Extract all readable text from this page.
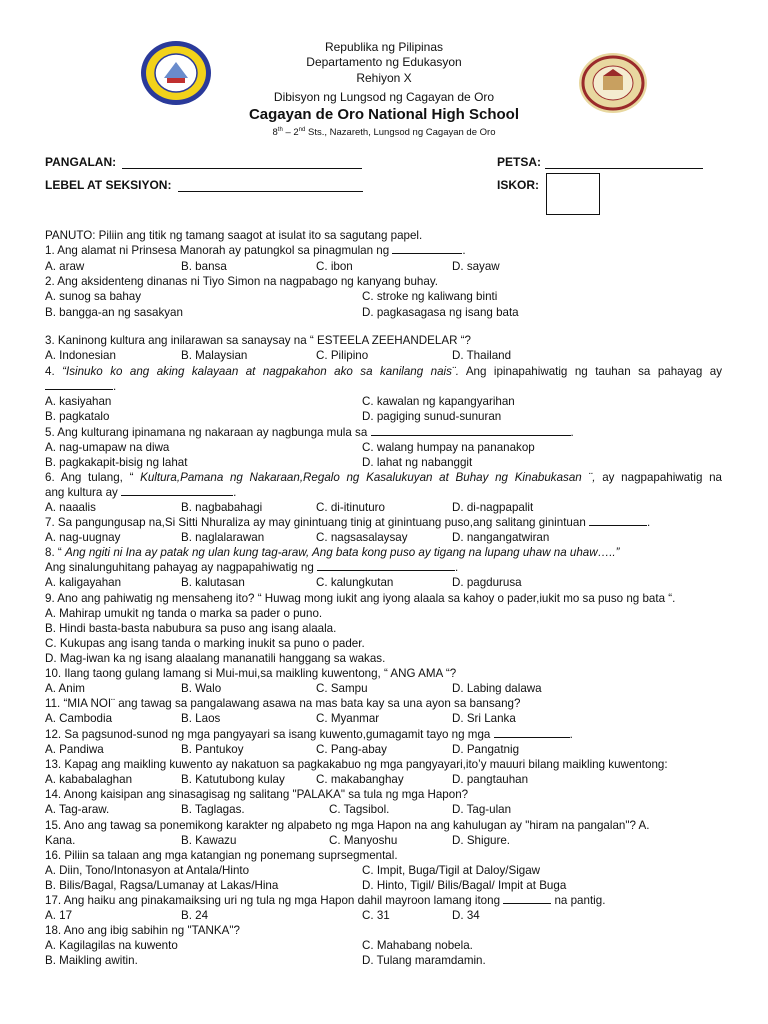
Republika ng Pilipinas
Departamento ng Edukasyon
Rehiyon X
Dibisyon ng Lungsod ng Cagayan de Oro
Cagayan de Oro National High School
8th – 2nd Sts., Nazareth, Lungsod ng Cagayan de Oro
PANGALAN:	PETSA:
LEBEL AT SEKSIYON:	ISKOR:
PANUTO: Piliin ang titik ng tamang saagot at isulat ito sa sagutang papel.
1. Ang alamat ni Prinsesa Manorah ay patungkol sa pinagmulan ng	.
A. araw	B. bansa	C. ibon	D. sayaw
2. Ang aksidenteng dinanas ni Tiyo Simon na nagpabago ng kanyang buhay.
A. sunog sa bahay	C. stroke ng kaliwang binti
B. bangga-an ng sasakyan	D. pagkasagasa ng isang bata
3. Kaninong kultura ang inilarawan sa sanaysay na “ ESTEELA ZEEHANDELAR “?
A. Indonesian	B. Malaysian	C. Pilipino	D. Thailand
4. “Isinuko ko ang aking kalayaan at nagpakahon ako sa kanilang nais¨. Ang ipinapahiwatig ng tauhan sa pahayag ay
.
A. kasiyahan	C. kawalan ng kapangyarihan
B. pagkatalo	D. pagiging sunud-sunuran
5. Ang kulturang ipinamana ng nakaraan ay nagbunga mula sa	.
A. nag-umapaw na diwa	C. walang humpay na pananakop
B. pagkakapit-bisig ng lahat	D. lahat ng nabanggit
6. Ang tulang, “ Kultura,Pamana ng Nakaraan,Regalo ng Kasalukuyan at Buhay ng Kinabukasan ¨, ay nagpapahiwatig na
ang kultura ay	.
A. naaalis	B. nagbabahagi	C. di-itinuturo	D. di-nagpapalit
7. Sa pangungusap na,Si Sitti Nhuraliza ay may ginintuang tinig at ginintuang puso,ang salitang ginintuan	.
A. nag-uugnay	B. naglalarawan	C. nagsasalaysay	D. nangangatwiran
8. “ Ang ngiti ni Ina ay patak ng ulan kung tag-araw, Ang bata kong puso ay tigang na lupang uhaw na uhaw…..”
Ang sinalunguhitang pahayag ay nagpapahiwatig ng	.
A. kaligayahan	B. kalutasan	C. kalungkutan	D. pagdurusa
9. Ano ang pahiwatig ng mensaheng ito? “ Huwag mong iukit ang iyong alaala sa kahoy o pader,iukit mo sa puso ng bata “.
A. Mahirap umukit ng tanda o marka sa pader o puno.
B. Hindi basta-basta nabubura sa puso ang isang alaala.
C. Kukupas ang isang tanda o marking inukit sa puno o pader.
D. Mag-iwan ka ng isang alaalang mananatili hanggang sa wakas.
10. Ilang taong gulang lamang si Mui-mui,sa maikling kuwentong, “ ANG AMA “?
A. Anim	B. Walo	C. Sampu	D. Labing dalawa
11. “MIA NOI¨ ang tawag sa pangalawang asawa na mas bata kay sa una ayon sa bansang?
A. Cambodia	B. Laos	C. Myanmar	D. Sri Lanka
12. Sa pagsunod-sunod ng mga pangyayari sa isang kuwento,gumagamit tayo ng mga	.
A. Pandiwa	B. Pantukoy	C. Pang-abay	D. Pangatnig
13. Kapag ang maikling kuwento ay nakatuon sa pagkakabuo ng mga pangyayari,ito’y mauuri bilang maikling kuwentong:
A. kababalaghan	B. Katutubong kulay	C. makabanghay	D. pangtauhan
14. Anong kaisipan ang sinasagisag ng salitang "PALAKA" sa tula ng mga Hapon?
A. Tag-araw.	B. Taglagas.	C. Tagsibol.	D. Tag-ulan
15. Ano ang tawag sa ponemikong karakter ng alpabeto ng mga Hapon na ang kahulugan ay "hiram na pangalan"? A.
Kana.	B. Kawazu	C. Manyoshu	D. Shigure.
16. Piliin sa talaan ang mga katangian ng ponemang suprsegmental.
A. Diin, Tono/Intonasyon at Antala/Hinto	C. Impit, Buga/Tigil at Daloy/Sigaw
B. Bilis/Bagal, Ragsa/Lumanay at Lakas/Hina	D. Hinto, Tigil/ Bilis/Bagal/ Impit at Buga
17. Ang haiku ang pinakamaiksing uri ng tula ng mga Hapon dahil mayroon lamang itong	na pantig.
A. 17	B. 24	C. 31	D. 34
18. Ano ang ibig sabihin ng "TANKA"?
A. Kagilagilas na kuwento	C. Mahabang nobela.
B. Maikling awitin.	D. Tulang maramdamin.
